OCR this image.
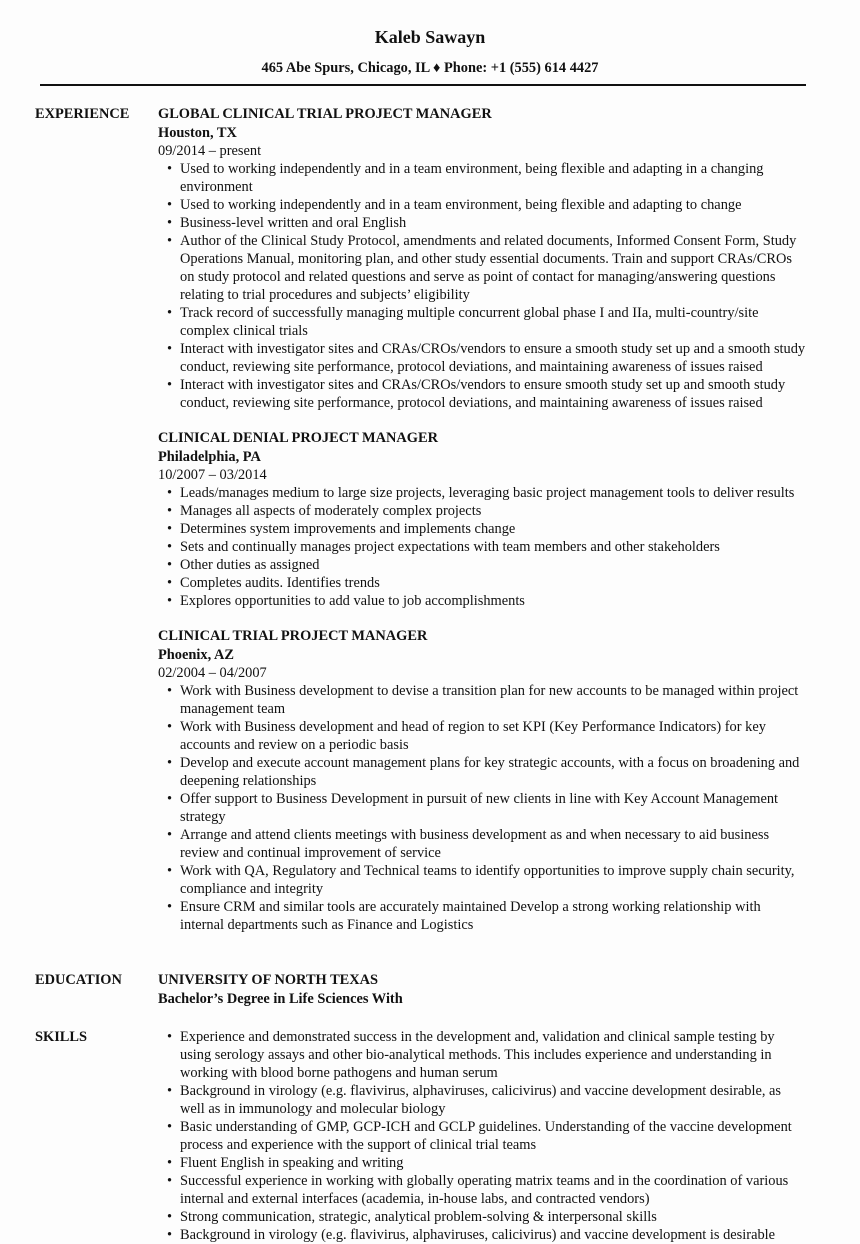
Kaleb Sawayn
465 Abe Spurs, Chicago, IL ♦ Phone: +1 (555) 614 4427
EXPERIENCE	GLOBAL CLINICAL TRIAL PROJECT MANAGER
Houston, TX
09/2014 – present
• Used to working independently and in a team environment, being flexible and adapting in a changing environment
• Used to working independently and in a team environment, being flexible and adapting to change
• Business-level written and oral English
• Author of the Clinical Study Protocol, amendments and related documents, Informed Consent Form, Study Operations Manual, monitoring plan, and other study essential documents. Train and support CRAs/CROs on study protocol and related questions and serve as point of contact for managing/answering questions relating to trial procedures and subjects’ eligibility
• Track record of successfully managing multiple concurrent global phase I and IIa, multi-country/site complex clinical trials
• Interact with investigator sites and CRAs/CROs/vendors to ensure a smooth study set up and a smooth study conduct, reviewing site performance, protocol deviations, and maintaining awareness of issues raised
• Interact with investigator sites and CRAs/CROs/vendors to ensure smooth study set up and smooth study conduct, reviewing site performance, protocol deviations, and maintaining awareness of issues raised
CLINICAL DENIAL PROJECT MANAGER
Philadelphia, PA
10/2007 – 03/2014
• Leads/manages medium to large size projects, leveraging basic project management tools to deliver results
• Manages all aspects of moderately complex projects
• Determines system improvements and implements change
• Sets and continually manages project expectations with team members and other stakeholders
• Other duties as assigned
• Completes audits. Identifies trends
• Explores opportunities to add value to job accomplishments
CLINICAL TRIAL PROJECT MANAGER
Phoenix, AZ
02/2004 – 04/2007
• Work with Business development to devise a transition plan for new accounts to be managed within project management team
• Work with Business development and head of region to set KPI (Key Performance Indicators) for key accounts and review on a periodic basis
• Develop and execute account management plans for key strategic accounts, with a focus on broadening and deepening relationships
• Offer support to Business Development in pursuit of new clients in line with Key Account Management strategy
• Arrange and attend clients meetings with business development as and when necessary to aid business review and continual improvement of service
• Work with QA, Regulatory and Technical teams to identify opportunities to improve supply chain security, compliance and integrity
• Ensure CRM and similar tools are accurately maintained Develop a strong working relationship with internal departments such as Finance and Logistics
EDUCATION	UNIVERSITY OF NORTH TEXAS
Bachelor’s Degree in Life Sciences With
SKILLS	• Experience and demonstrated success in the development and, validation and clinical sample testing by using serology assays and other bio-analytical methods. This includes experience and understanding in working with blood borne pathogens and human serum
• Background in virology (e.g. flavivirus, alphaviruses, calicivirus) and vaccine development desirable, as well as in immunology and molecular biology
• Basic understanding of GMP, GCP-ICH and GCLP guidelines. Understanding of the vaccine development process and experience with the support of clinical trial teams
• Fluent English in speaking and writing
• Successful experience in working with globally operating matrix teams and in the coordination of various internal and external interfaces (academia, in-house labs, and contracted vendors)
• Strong communication, strategic, analytical problem-solving & interpersonal skills
• Background in virology (e.g. flavivirus, alphaviruses, calicivirus) and vaccine development is desirable
